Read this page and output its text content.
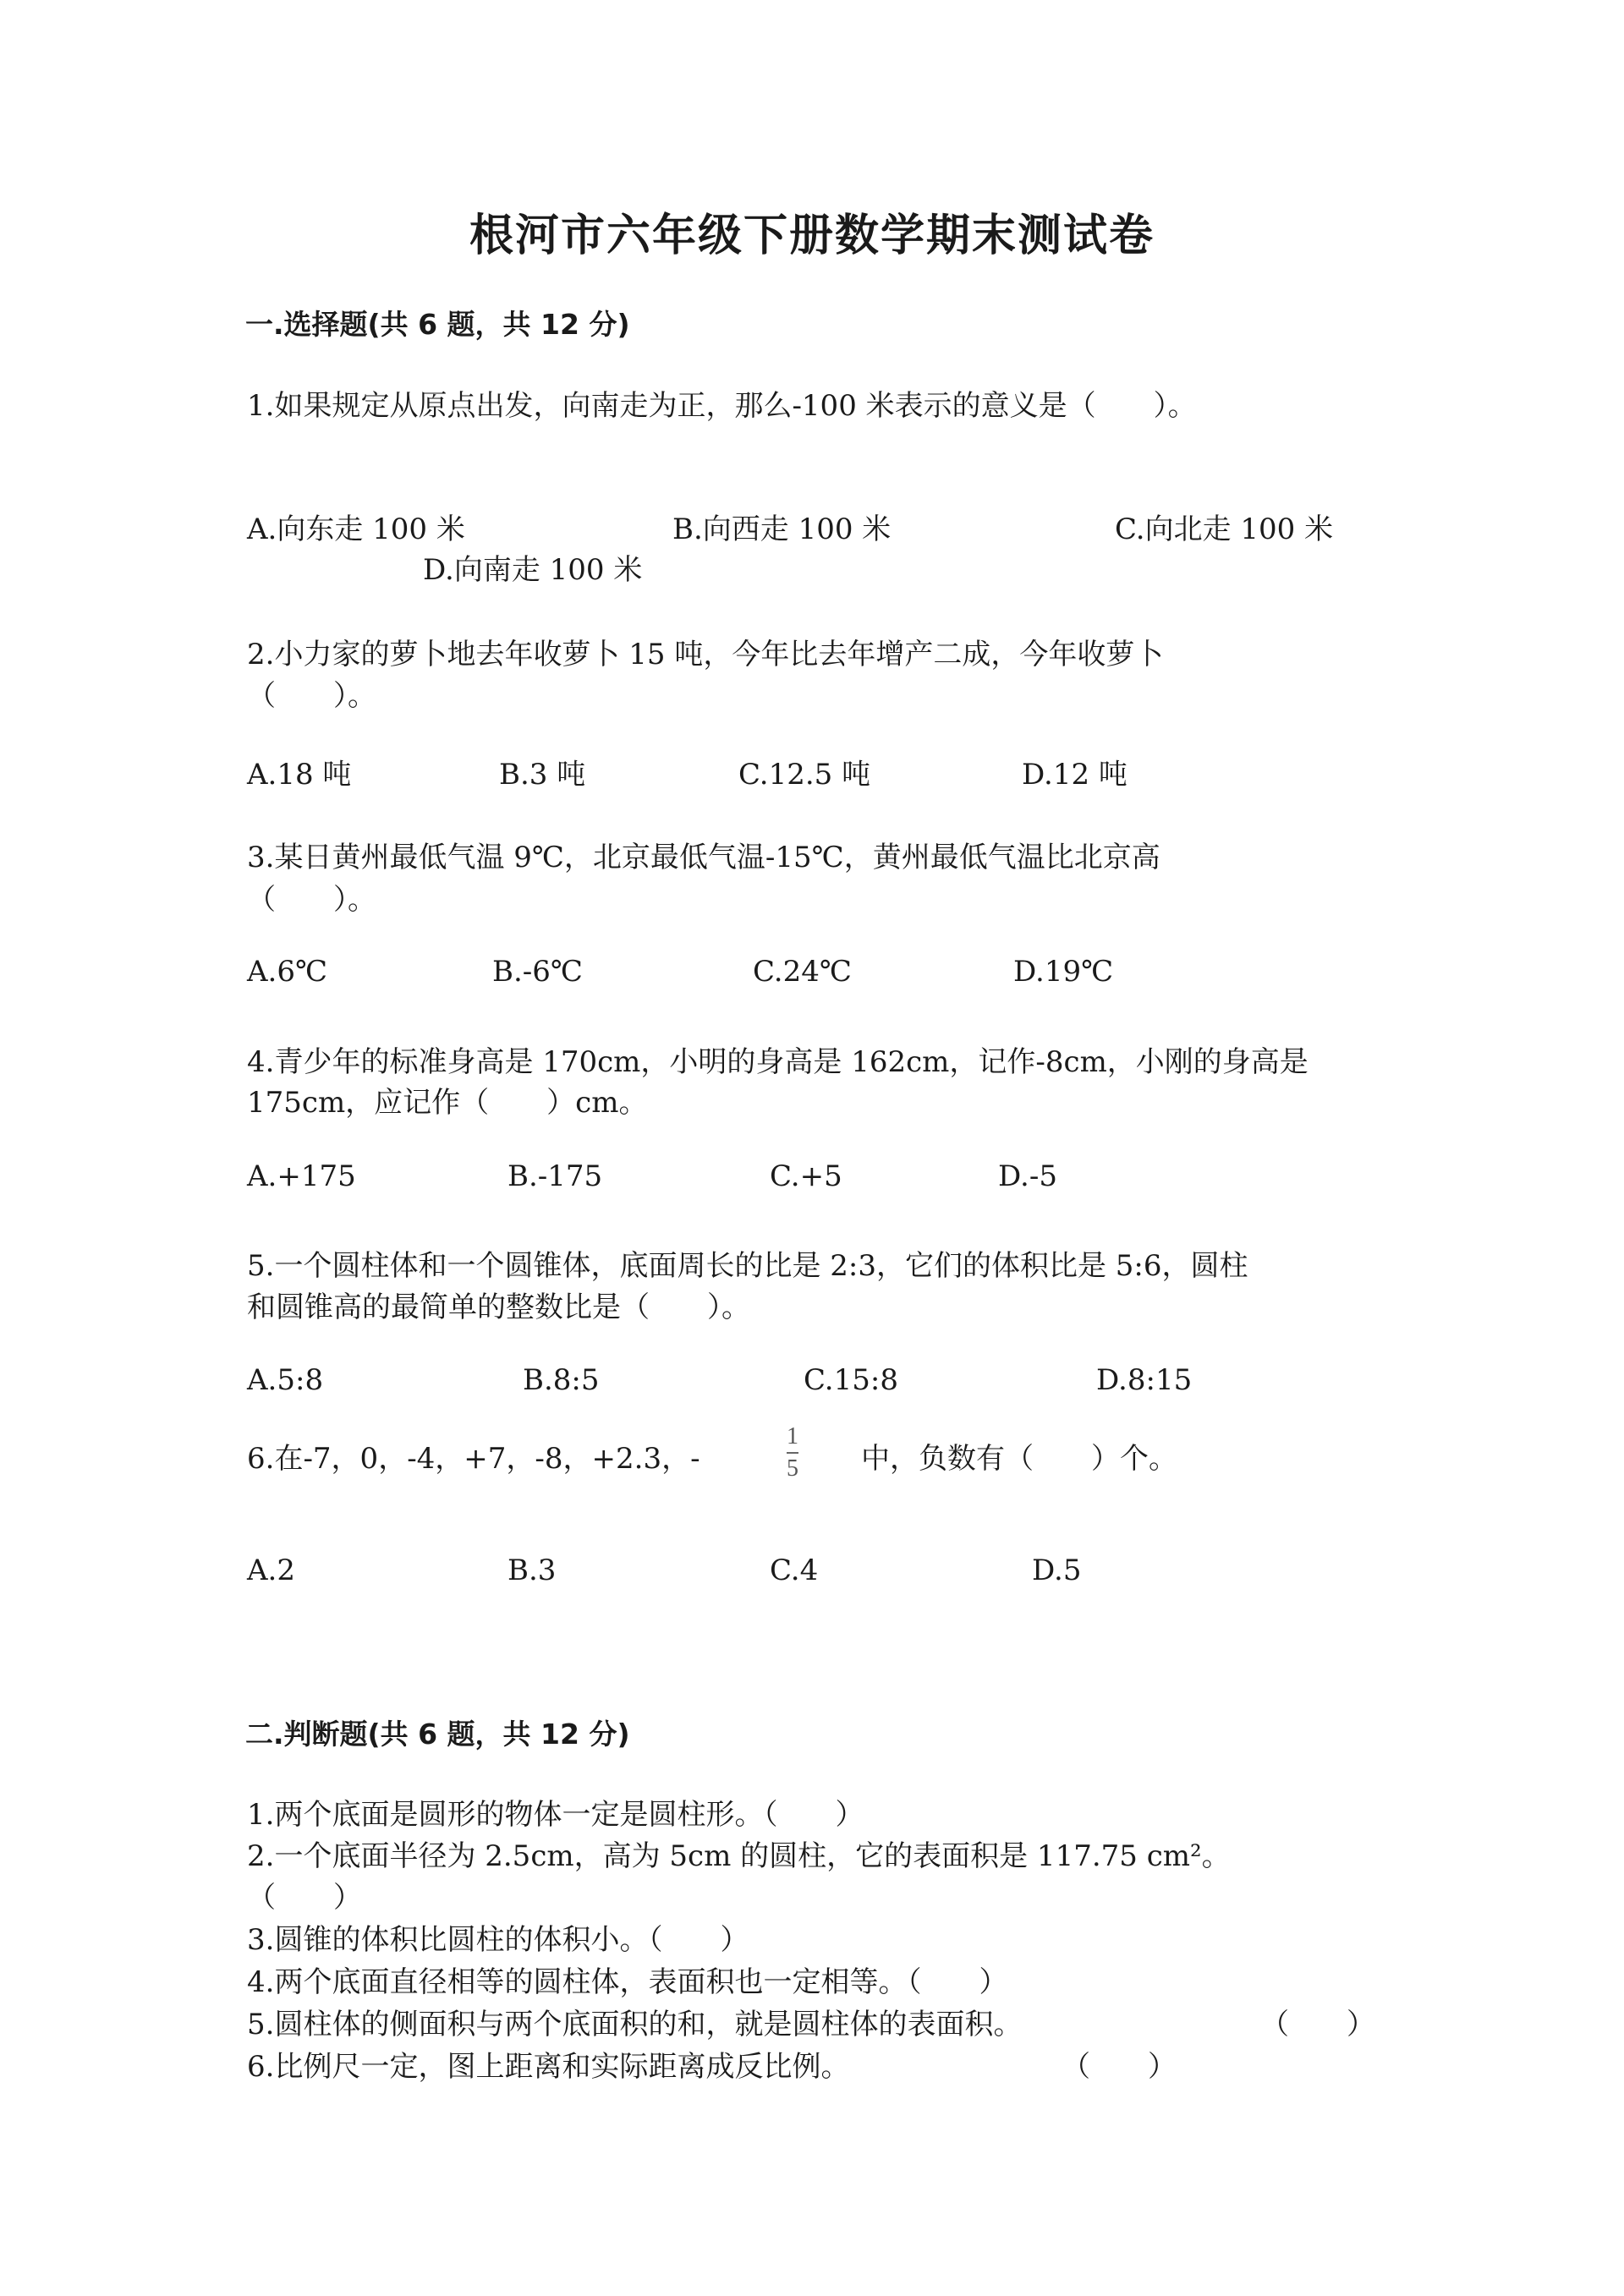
根河市六年级下册数学期末测试卷
一.选择题(共 6 题，共 12 分)
1.如果规定从原点出发，向南走为正，那么-100 米表示的意义是（　　）。
A.向东走 100 米	B.向西走 100 米	C.向北走 100 米
D.向南走 100 米
2.小力家的萝卜地去年收萝卜 15 吨，今年比去年增产二成，今年收萝卜
（　　）。
A.18 吨	B.3 吨	C.12.5 吨	D.12 吨
3.某日黄州最低气温 9℃，北京最低气温-15℃，黄州最低气温比北京高
（　　）。
A.6℃	B.-6℃	C.24℃	D.19℃
4.青少年的标准身高是 170cm，小明的身高是 162cm，记作-8cm，小刚的身高是
175cm，应记作（　　）cm。
A.+175	B.-175	C.+5	D.-5
5.一个圆柱体和一个圆锥体，底面周长的比是 2:3，它们的体积比是 5:6，圆柱
和圆锥高的最简单的整数比是（　　）。
A.5:8	B.8:5	C.15:8	D.8:15
6.在-7，0，-4，+7，-8，+2.3，-
1
5 中，负数有（　　）个。
A.2	B.3	C.4	D.5
二.判断题(共 6 题，共 12 分)
1.两个底面是圆形的物体一定是圆柱形。（　　）
2.一个底面半径为 2.5cm，高为 5cm 的圆柱，它的表面积是 117.75 cm²。
（　　）
3.圆锥的体积比圆柱的体积小。（　　）
4.两个底面直径相等的圆柱体，表面积也一定相等。（　　）
5.圆柱体的侧面积与两个底面积的和，就是圆柱体的表面积。	（　　）
6.比例尺一定，图上距离和实际距离成反比例。	（　　）
